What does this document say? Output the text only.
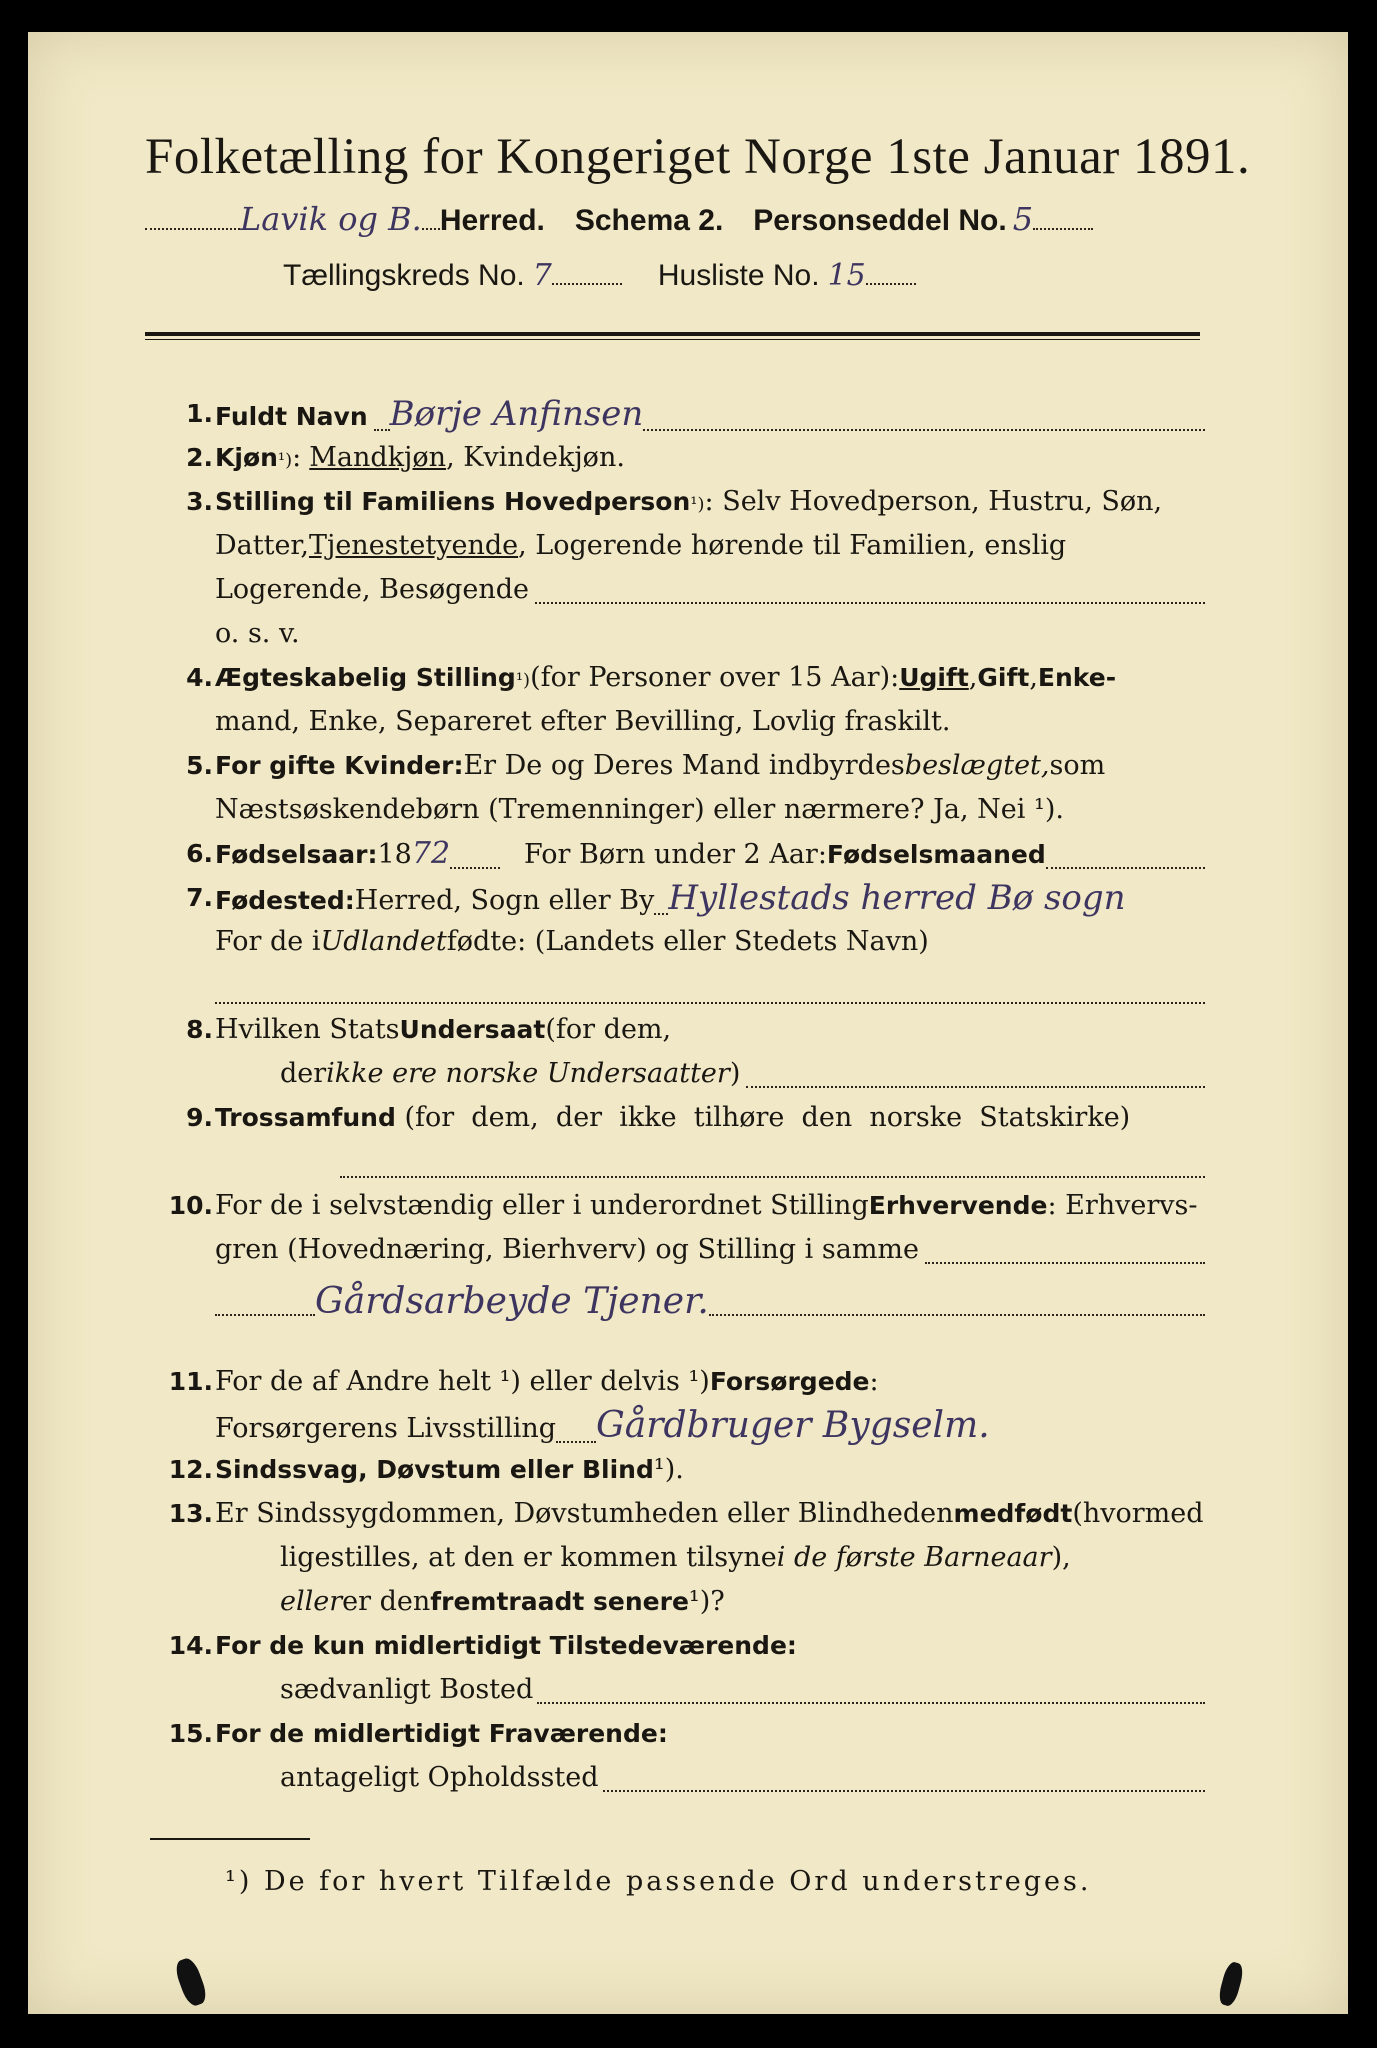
Folketælling for Kongeriget Norge 1ste Januar 1891.
Lavik og B. Herred. Schema 2. Personseddel No. 5
Tællingskreds No. 7	Husliste No. 15
1. Fuldt Navn Børje Anfinsen
2. Kjøn ¹) : Mandkjøn , Kvindekjøn.
3. Stilling til Familiens Hovedperson ¹) : Selv Hovedperson, Hustru, Søn,
Datter, Tjenestetyende , Logerende hørende til Familien, enslig
Logerende, Besøgende
o. s. v.
4. Ægteskabelig Stilling ¹) (for Personer over 15 Aar): Ugift , Gift , Enke-
mand, Enke, Separeret efter Bevilling, Lovlig fraskilt.
5. For gifte Kvinder: Er De og Deres Mand indbyrdes beslægtet, som
Næstsøskendebørn (Tremenninger) eller nærmere? Ja, Nei ¹).
6. Fødselsaar: 18 72	For Børn under 2 Aar: Fødselsmaaned
7. Fødested: Herred, Sogn eller By Hyllestads herred Bø sogn
For de i Udlandet fødte: (Landets eller Stedets Navn)
8. Hvilken Stats Undersaat (for dem,
der ikke ere norske Undersaatter )
9. Trossamfund (for  dem,  der  ikke  tilhøre  den  norske  Statskirke)
10. For de i selvstændig eller i underordnet Stilling Erhvervende : Erhvervs-
gren (Hovednæring, Bierhverv) og Stilling i samme
Gårdsarbeyde Tjener.
11. For de af Andre helt ¹) eller delvis ¹) Forsørgede :
Forsørgerens Livsstilling Gårdbruger Bygselm.
12. Sindssvag, Døvstum eller Blind ¹).
13. Er Sindssygdommen, Døvstumheden eller Blindheden medfødt (hvormed
ligestilles, at den er kommen tilsyne i de første Barneaar ),
eller er den fremtraadt senere ¹)?
14. For de kun midlertidigt Tilstedeværende:
sædvanligt Bosted
15. For de midlertidigt Fraværende:
antageligt Opholdssted
¹) De for hvert Tilfælde passende Ord understreges.
